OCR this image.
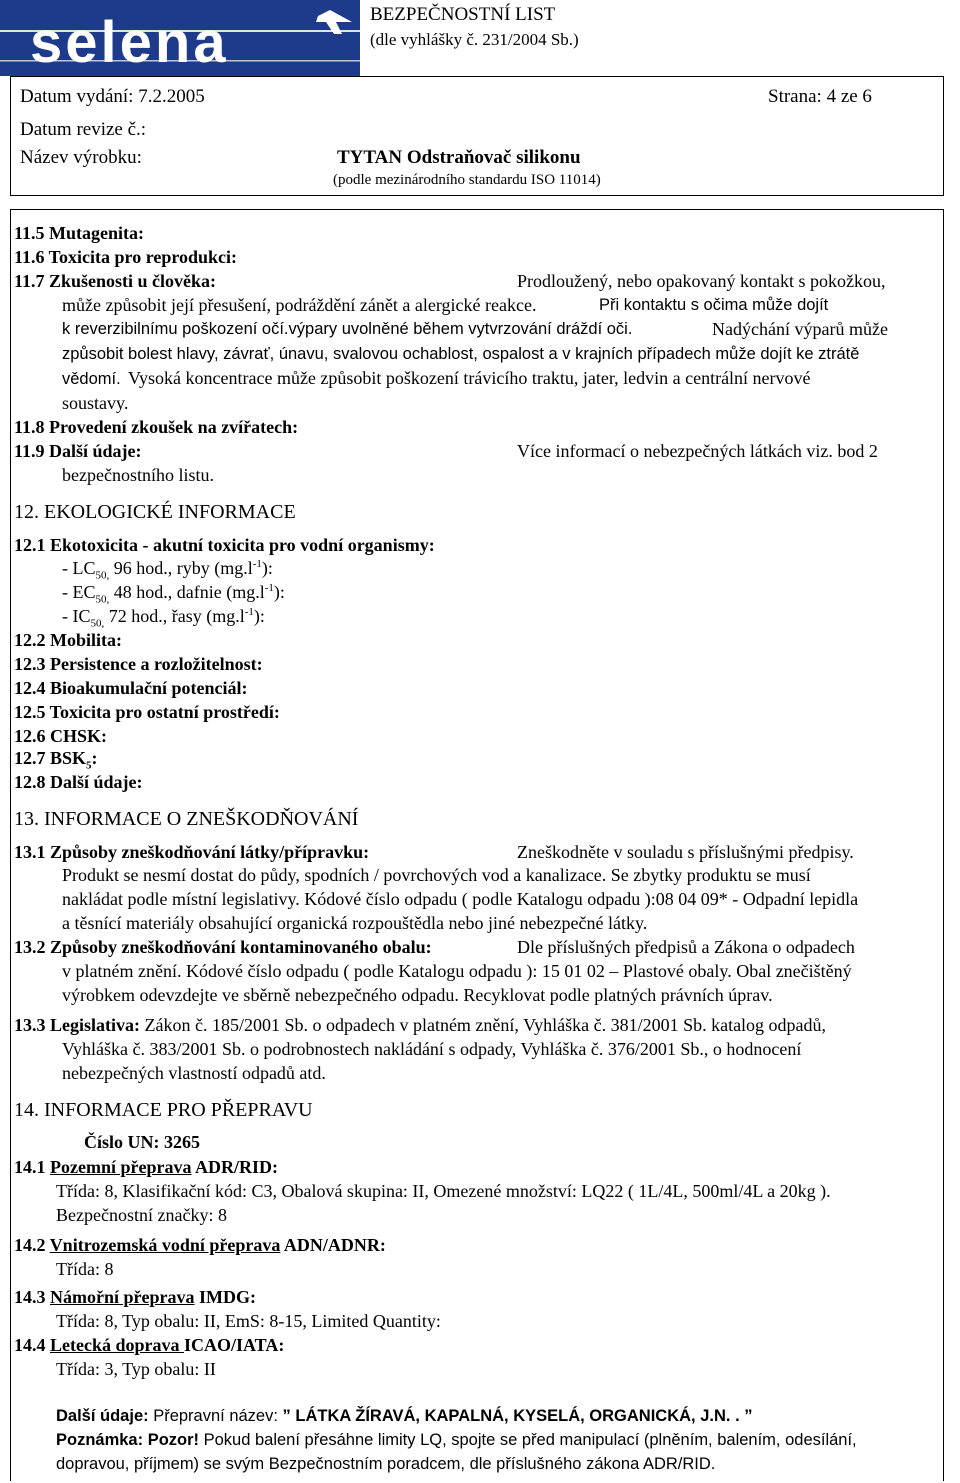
selena	BEZPEČNOSTNÍ LIST
(dle vyhlášky č. 231/2004 Sb.)
Datum vydání: 7.2.2005	Strana: 4 ze 6
Datum revize č.:
Název výrobku:	TYTAN Odstraňovač silikonu
(podle mezinárodního standardu ISO 11014)
11.5 Mutagenita:
11.6 Toxicita pro reprodukci:
11.7 Zkušenosti u člověka:	Prodloužený, nebo opakovaný kontakt s pokožkou,
může způsobit její přesušení, podráždění zánět a alergické reakce.	Při kontaktu s očima může dojít
k reverzibilnímu poškození očí.výpary uvolněné během vytvrzování dráždí oči.	Nadýchání výparů může
způsobit bolest hlavy, závrať, únavu, svalovou ochablost, ospalost a v krajních případech může dojít ke ztrátě
vědomí. Vysoká koncentrace může způsobit poškození trávicího traktu, jater, ledvin a centrální nervové
soustavy.
11.8 Provedení zkoušek na zvířatech:
11.9 Další údaje:	Více informací o nebezpečných látkách viz. bod 2
bezpečnostního listu.
12. EKOLOGICKÉ INFORMACE
12.1 Ekotoxicita - akutní toxicita pro vodní organismy:
- $LC_{50,}$ 96 hod., ryby $(mg.l^{-1})$:
- $EC_{50,}$ 48 hod., dafnie $(mg.l^{-1})$:
- $IC_{50,}$ 72 hod., řasy $(mg.l^{-1})$:
12.2 Mobilita:
12.3 Persistence a rozložitelnost:
12.4 Bioakumulační potenciál:
12.5 Toxicita pro ostatní prostředí:
12.6 CHSK:
12.7 $BSK_5$:
12.8 Další údaje:
13. INFORMACE O ZNEŠKODŇOVÁNÍ
13.1 Způsoby zneškodňování látky/přípravku:	Zneškodněte v souladu s příslušnými předpisy.
Produkt se nesmí dostat do půdy, spodních / povrchových vod a kanalizace. Se zbytky produktu se musí
nakládat podle místní legislativy. Kódové číslo odpadu ( podle Katalogu odpadu ):08 04 09* - Odpadní lepidla
a těsnící materiály obsahující organická rozpouštědla nebo jiné nebezpečné látky.
13.2 Způsoby zneškodňování kontaminovaného obalu:	Dle příslušných předpisů a Zákona o odpadech
v platném znění. Kódové číslo odpadu ( podle Katalogu odpadu ): 15 01 02 – Plastové obaly. Obal znečištěný
výrobkem odevzdejte ve sběrně nebezpečného odpadu. Recyklovat podle platných právních úprav.
13.3 Legislativa: Zákon č. 185/2001 Sb. o odpadech v platném znění, Vyhláška č. 381/2001 Sb. katalog odpadů,
Vyhláška č. 383/2001 Sb. o podrobnostech nakládání s odpady, Vyhláška č. 376/2001 Sb., o hodnocení
nebezpečných vlastností odpadů atd.
14. INFORMACE PRO PŘEPRAVU
Číslo UN: 3265
14.1 Pozemní přeprava ADR/RID:
Třída: 8, Klasifikační kód: C3, Obalová skupina: II, Omezené množství: LQ22 ( 1L/4L, 500ml/4L a 20kg ).
Bezpečnostní značky: 8
14.2 Vnitrozemská vodní přeprava ADN/ADNR:
Třída: 8
14.3 Námořní přeprava IMDG:
Třída: 8, Typ obalu: II, EmS: 8-15, Limited Quantity:
14.4 Letecká doprava ICAO/IATA:
Třída: 3, Typ obalu: II
Další údaje: Přepravní název: ” LÁTKA ŽÍRAVÁ, KAPALNÁ, KYSELÁ, ORGANICKÁ, J.N. . ”
Poznámka: Pozor! Pokud balení přesáhne limity LQ, spojte se před manipulací (plněním, balením, odesílání,
dopravou, příjmem) se svým Bezpečnostním poradcem, dle příslušného zákona ADR/RID.
